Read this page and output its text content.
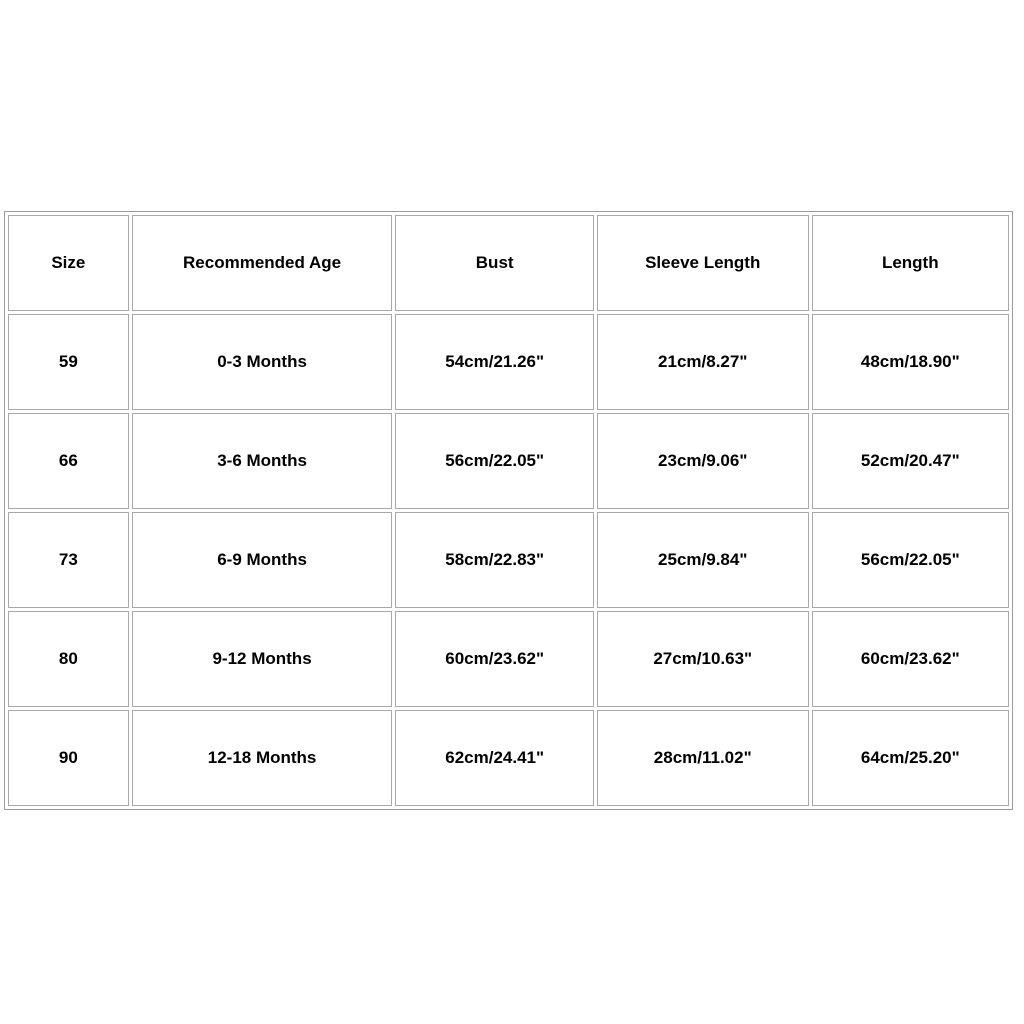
Size	Recommended Age	Bust	Sleeve Length	Length
59	0-3 Months	54cm/21.26"	21cm/8.27"	48cm/18.90"
66	3-6 Months	56cm/22.05"	23cm/9.06"	52cm/20.47"
73	6-9 Months	58cm/22.83"	25cm/9.84"	56cm/22.05"
80	9-12 Months	60cm/23.62"	27cm/10.63"	60cm/23.62"
90	12-18 Months	62cm/24.41"	28cm/11.02"	64cm/25.20"
